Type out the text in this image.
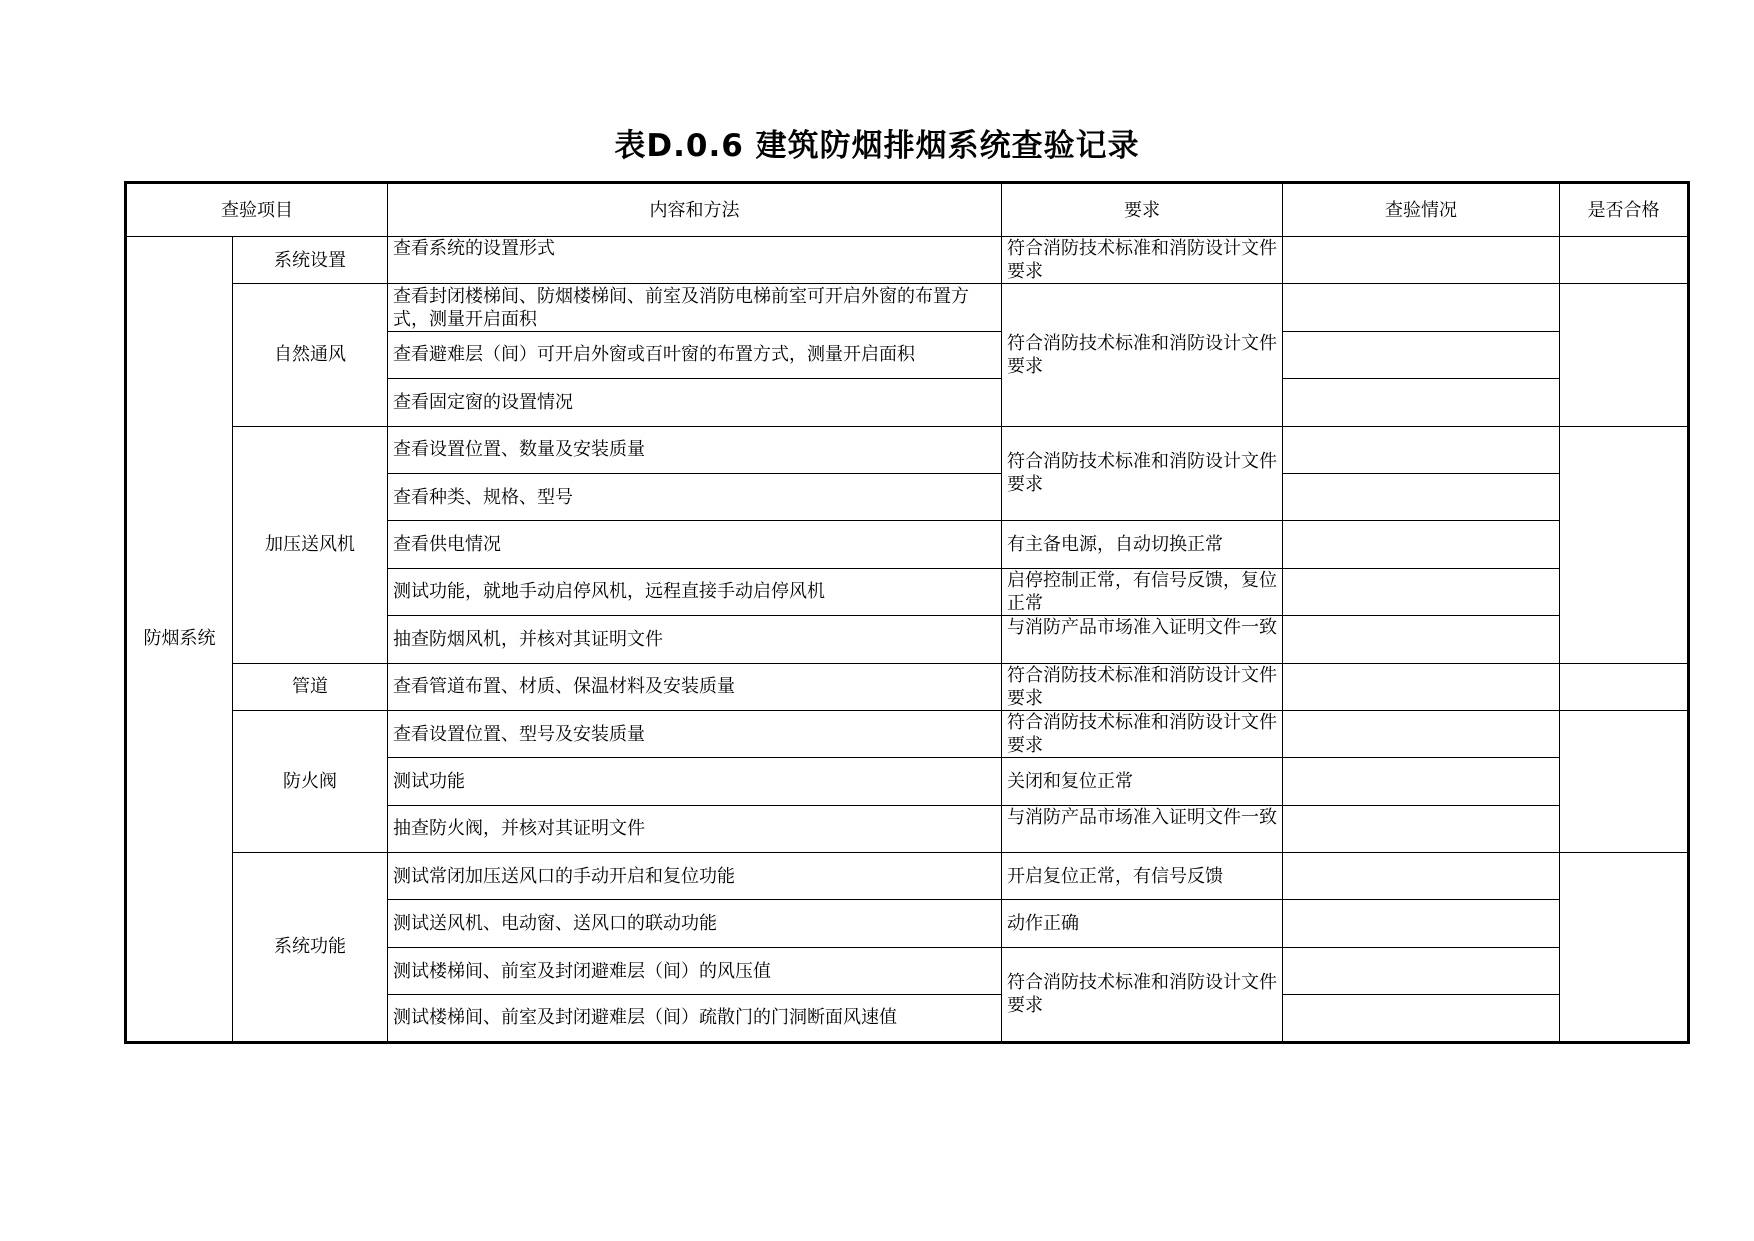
表D.0.6 建筑防烟排烟系统查验记录
查验项目		内容和方法	要求	查验情况	是否合格
防烟系统	系统设置	查看系统的设置形式	符合消防技术标准和消防设计文件要求		
	自然通风	查看封闭楼梯间、防烟楼梯间、前室及消防电梯前室可开启外窗的布置方式，测量开启面积	符合消防技术标准和消防设计文件要求		
		查看避难层（间）可开启外窗或百叶窗的布置方式，测量开启面积			
		查看固定窗的设置情况			
	加压送风机	查看设置位置、数量及安装质量	符合消防技术标准和消防设计文件要求		
		查看种类、规格、型号			
		查看供电情况	有主备电源，自动切换正常		
		测试功能，就地手动启停风机，远程直接手动启停风机	启停控制正常，有信号反馈，复位正常		
		抽查防烟风机，并核对其证明文件	与消防产品市场准入证明文件一致		
	管道	查看管道布置、材质、保温材料及安装质量	符合消防技术标准和消防设计文件要求		
	防火阀	查看设置位置、型号及安装质量	符合消防技术标准和消防设计文件要求		
		测试功能	关闭和复位正常		
		抽查防火阀，并核对其证明文件	与消防产品市场准入证明文件一致		
	系统功能	测试常闭加压送风口的手动开启和复位功能	开启复位正常，有信号反馈		
		测试送风机、电动窗、送风口的联动功能	动作正确		
		测试楼梯间、前室及封闭避难层（间）的风压值	符合消防技术标准和消防设计文件要求		
		测试楼梯间、前室及封闭避难层（间）疏散门的门洞断面风速值			
